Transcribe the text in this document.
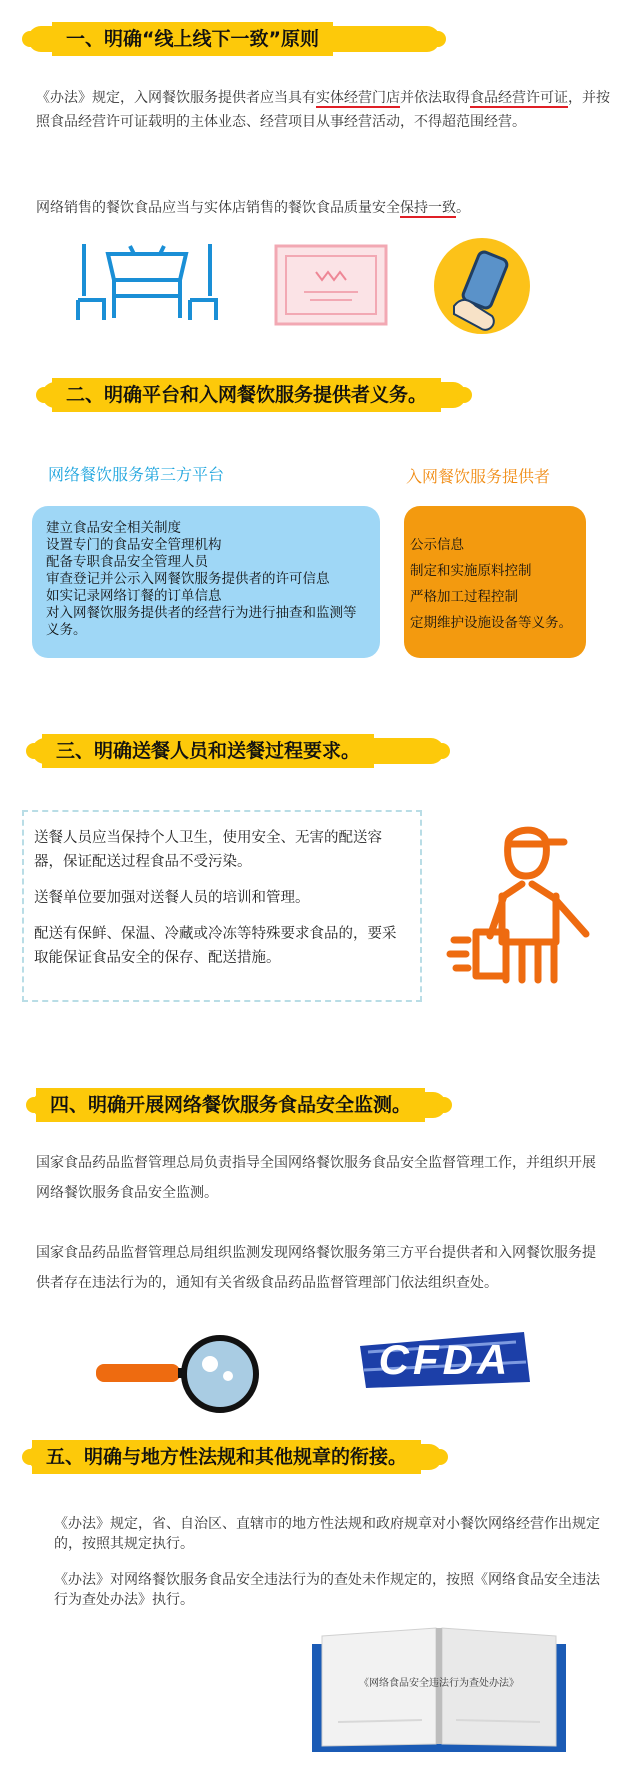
一、明确“线上线下一致”原则
《办法》规定，入网餐饮服务提供者应当具有实体经营门店并依法取得食品经营许可证，并按照食品经营许可证载明的主体业态、经营项目从事经营活动，不得超范围经营。
网络销售的餐饮食品应当与实体店销售的餐饮食品质量安全保持一致。
二、明确平台和入网餐饮服务提供者义务。
网络餐饮服务第三方平台	入网餐饮服务提供者
建立食品安全相关制度
设置专门的食品安全管理机构
配备专职食品安全管理人员
审查登记并公示入网餐饮服务提供者的许可信息
如实记录网络订餐的订单信息
对入网餐饮服务提供者的经营行为进行抽查和监测等义务。
公示信息
制定和实施原料控制
严格加工过程控制
定期维护设施设备等义务。
三、明确送餐人员和送餐过程要求。
送餐人员应当保持个人卫生，使用安全、无害的配送容器，保证配送过程食品不受污染。
送餐单位要加强对送餐人员的培训和管理。
配送有保鲜、保温、冷藏或冷冻等特殊要求食品的，要采取能保证食品安全的保存、配送措施。
四、明确开展网络餐饮服务食品安全监测。
国家食品药品监督管理总局负责指导全国网络餐饮服务食品安全监督管理工作，并组织开展网络餐饮服务食品安全监测。
国家食品药品监督管理总局组织监测发现网络餐饮服务第三方平台提供者和入网餐饮服务提供者存在违法行为的，通知有关省级食品药品监督管理部门依法组织查处。
CFDA
五、明确与地方性法规和其他规章的衔接。
《办法》规定，省、自治区、直辖市的地方性法规和政府规章对小餐饮网络经营作出规定的，按照其规定执行。
《办法》对网络餐饮服务食品安全违法行为的查处未作规定的，按照《网络食品安全违法行为查处办法》执行。
《网络食品安全违法行为查处办法》
